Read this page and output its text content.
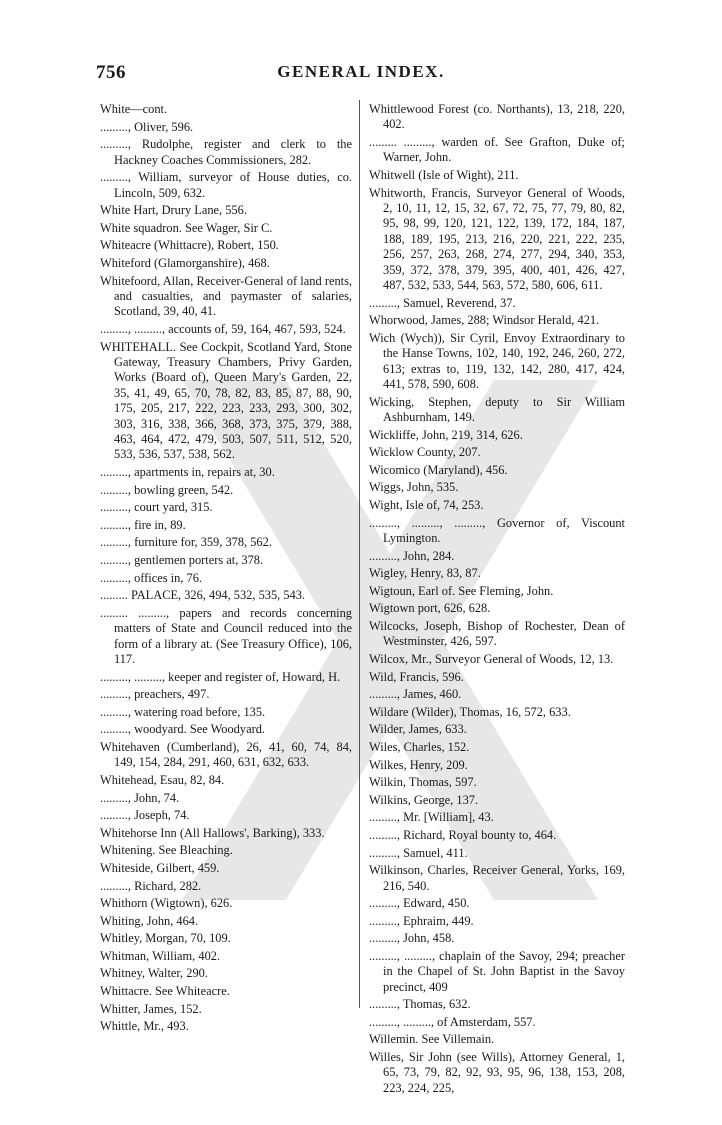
756	GENERAL INDEX.
White—cont.
........., Oliver, 596.
........., Rudolphe, register and clerk to the Hackney Coaches Commissioners, 282.
........., William, surveyor of House duties, co. Lincoln, 509, 632.
White Hart, Drury Lane, 556.
White squadron. See Wager, Sir C.
Whiteacre (Whittacre), Robert, 150.
Whiteford (Glamorganshire), 468.
Whitefoord, Allan, Receiver-General of land rents, and casualties, and paymaster of salaries, Scotland, 39, 40, 41.
........., ........., accounts of, 59, 164, 467, 593, 524.
WHITEHALL. See Cockpit, Scotland Yard, Stone Gateway, Treasury Chambers, Privy Garden, Works (Board of), Queen Mary's Garden, 22, 35, 41, 49, 65, 70, 78, 82, 83, 85, 87, 88, 90, 175, 205, 217, 222, 223, 233, 293, 300, 302, 303, 316, 338, 366, 368, 373, 375, 379, 388, 463, 464, 472, 479, 503, 507, 511, 512, 520, 533, 536, 537, 538, 562.
........., apartments in, repairs at, 30.
........., bowling green, 542.
........., court yard, 315.
........., fire in, 89.
........., furniture for, 359, 378, 562.
........., gentlemen porters at, 378.
........., offices in, 76.
......... PALACE, 326, 494, 532, 535, 543.
......... ........., papers and records concerning matters of State and Council reduced into the form of a library at. (See Treasury Office), 106, 117.
........., ........., keeper and register of, Howard, H.
........., preachers, 497.
........., watering road before, 135.
........., woodyard. See Woodyard.
Whitehaven (Cumberland), 26, 41, 60, 74, 84, 149, 154, 284, 291, 460, 631, 632, 633.
Whitehead, Esau, 82, 84.
........., John, 74.
........., Joseph, 74.
Whitehorse Inn (All Hallows', Barking), 333.
Whitening. See Bleaching.
Whiteside, Gilbert, 459.
........., Richard, 282.
Whithorn (Wigtown), 626.
Whiting, John, 464.
Whitley, Morgan, 70, 109.
Whitman, William, 402.
Whitney, Walter, 290.
Whittacre. See Whiteacre.
Whitter, James, 152.
Whittle, Mr., 493.
Whittlewood Forest (co. Northants), 13, 218, 220, 402.
......... ........., warden of. See Grafton, Duke of; Warner, John.
Whitwell (Isle of Wight), 211.
Whitworth, Francis, Surveyor General of Woods, 2, 10, 11, 12, 15, 32, 67, 72, 75, 77, 79, 80, 82, 95, 98, 99, 120, 121, 122, 139, 172, 184, 187, 188, 189, 195, 213, 216, 220, 221, 222, 235, 256, 257, 263, 268, 274, 277, 294, 340, 353, 359, 372, 378, 379, 395, 400, 401, 426, 427, 487, 532, 533, 544, 563, 572, 580, 606, 611.
........., Samuel, Reverend, 37.
Whorwood, James, 288; Windsor Herald, 421.
Wich (Wych)), Sir Cyril, Envoy Extraordinary to the Hanse Towns, 102, 140, 192, 246, 260, 272, 613; extras to, 119, 132, 142, 280, 417, 424, 441, 578, 590, 608.
Wicking, Stephen, deputy to Sir William Ashburnham, 149.
Wickliffe, John, 219, 314, 626.
Wicklow County, 207.
Wicomico (Maryland), 456.
Wiggs, John, 535.
Wight, Isle of, 74, 253.
........., ........., ........., Governor of, Viscount Lymington.
........., John, 284.
Wigley, Henry, 83, 87.
Wigtoun, Earl of. See Fleming, John.
Wigtown port, 626, 628.
Wilcocks, Joseph, Bishop of Rochester, Dean of Westminster, 426, 597.
Wilcox, Mr., Surveyor General of Woods, 12, 13.
Wild, Francis, 596.
........., James, 460.
Wildare (Wilder), Thomas, 16, 572, 633.
Wilder, James, 633.
Wiles, Charles, 152.
Wilkes, Henry, 209.
Wilkin, Thomas, 597.
Wilkins, George, 137.
........., Mr. [William], 43.
........., Richard, Royal bounty to, 464.
........., Samuel, 411.
Wilkinson, Charles, Receiver General, Yorks, 169, 216, 540.
........., Edward, 450.
........., Ephraim, 449.
........., John, 458.
........., ........., chaplain of the Savoy, 294; preacher in the Chapel of St. John Baptist in the Savoy precinct, 409
........., Thomas, 632.
........., ........., of Amsterdam, 557.
Willemin. See Villemain.
Willes, Sir John (see Wills), Attorney General, 1, 65, 73, 79, 82, 92, 93, 95, 96, 138, 153, 208, 223, 224, 225,
